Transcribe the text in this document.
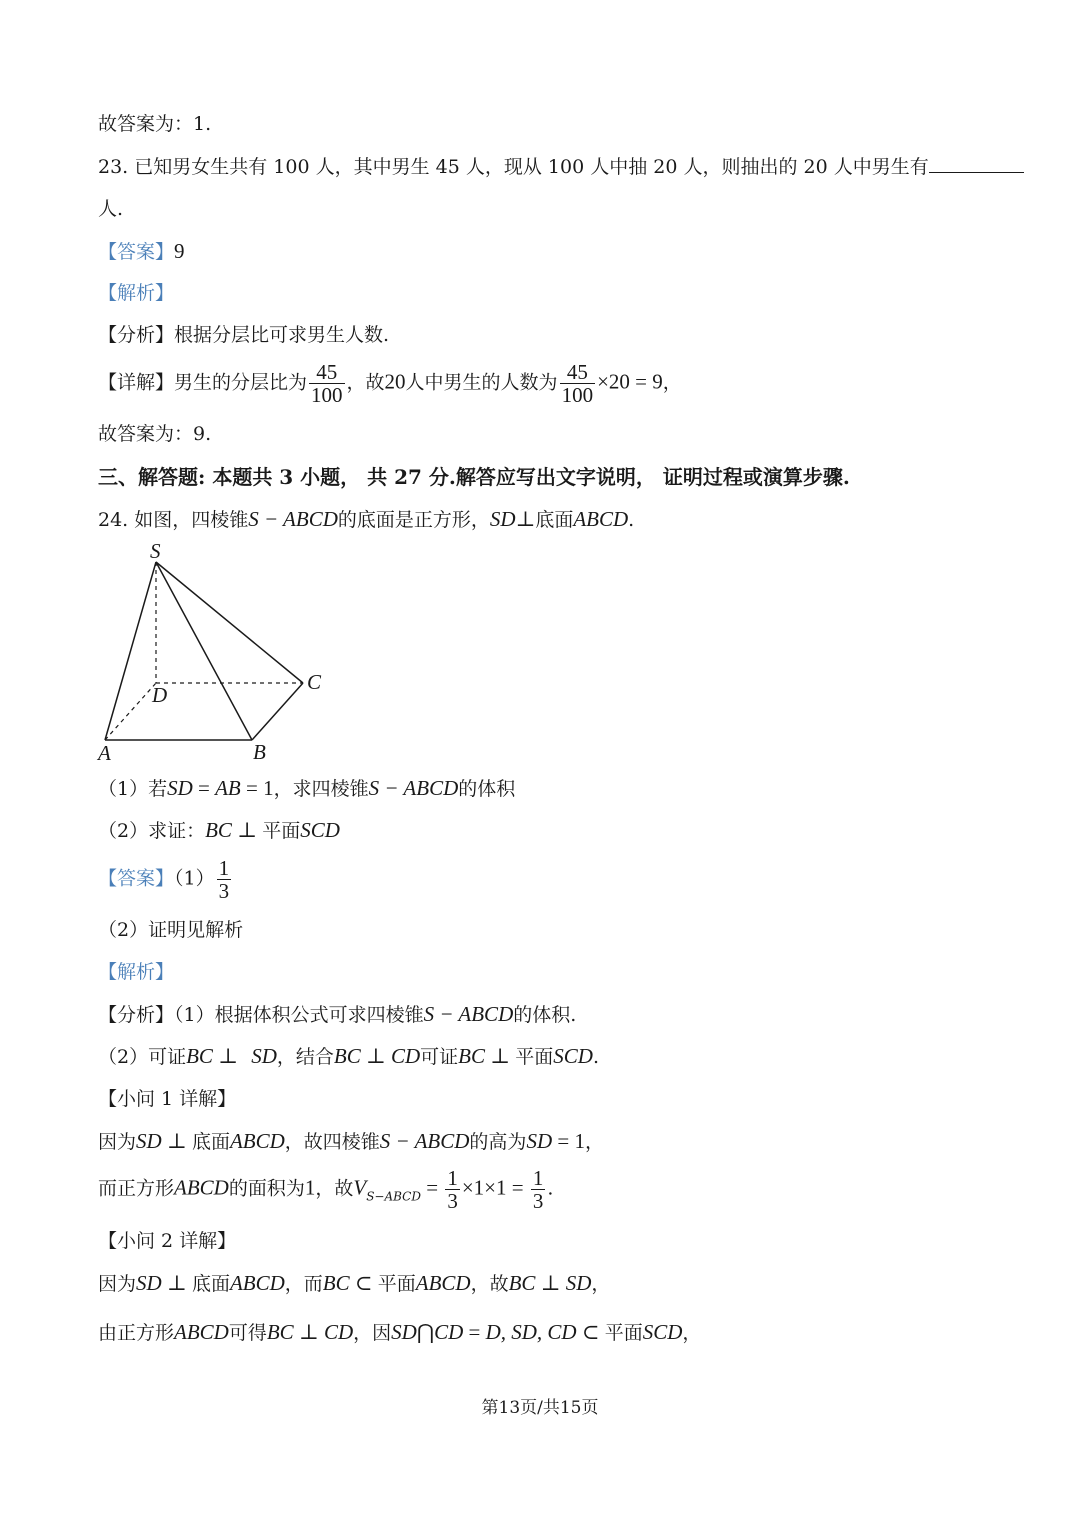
故答案为：1.
23. 已知男女生共有 100 人，其中男生 45 人，现从 100 人中抽 20 人，则抽出的 20 人中男生有
人.
【答案】9
【解析】
【分析】根据分层比可求男生人数.
【详解】男生的分层比为 $\frac{45}{100}$ ，故20人中男生的人数为 $\frac{45}{100} \times 20 = 9$，
故答案为：9.
三、解答题: 本题共 3 小题， 共 27 分.解答应写出文字说明， 证明过程或演算步骤.
24. 如图，四棱锥S − ABCD的底面是正方形，SD⊥底面ABCD.
S
A	B
C
D
（1）若SD = AB = 1，求四棱锥S − ABCD的体积
（2）求证：BC ⊥ 平面SCD
【答案】$(1) \frac{1}{3}$
（2）证明见解析
【解析】
【分析】（1）根据体积公式可求四棱锥S − ABCD的体积.
（2）可证BC ⊥ SD，结合BC ⊥ CD可证BC ⊥ 平面SCD.
【小问 1 详解】
因为SD ⊥ 底面ABCD，故四棱锥S − ABCD的高为SD = 1，
而正方形ABCD的面积为1，故$V_{S-ABCD} = \frac{1}{3} \times 1\times 1 = \frac{1}{3}$ .
【小问 2 详解】
因为SD ⊥ 底面ABCD，而BC ⊂ 平面ABCD，故BC ⊥ SD，
由正方形ABCD可得BC ⊥ CD，因SD⋂CD = D, SD, CD ⊂ 平面SCD，
第13页/共15页
